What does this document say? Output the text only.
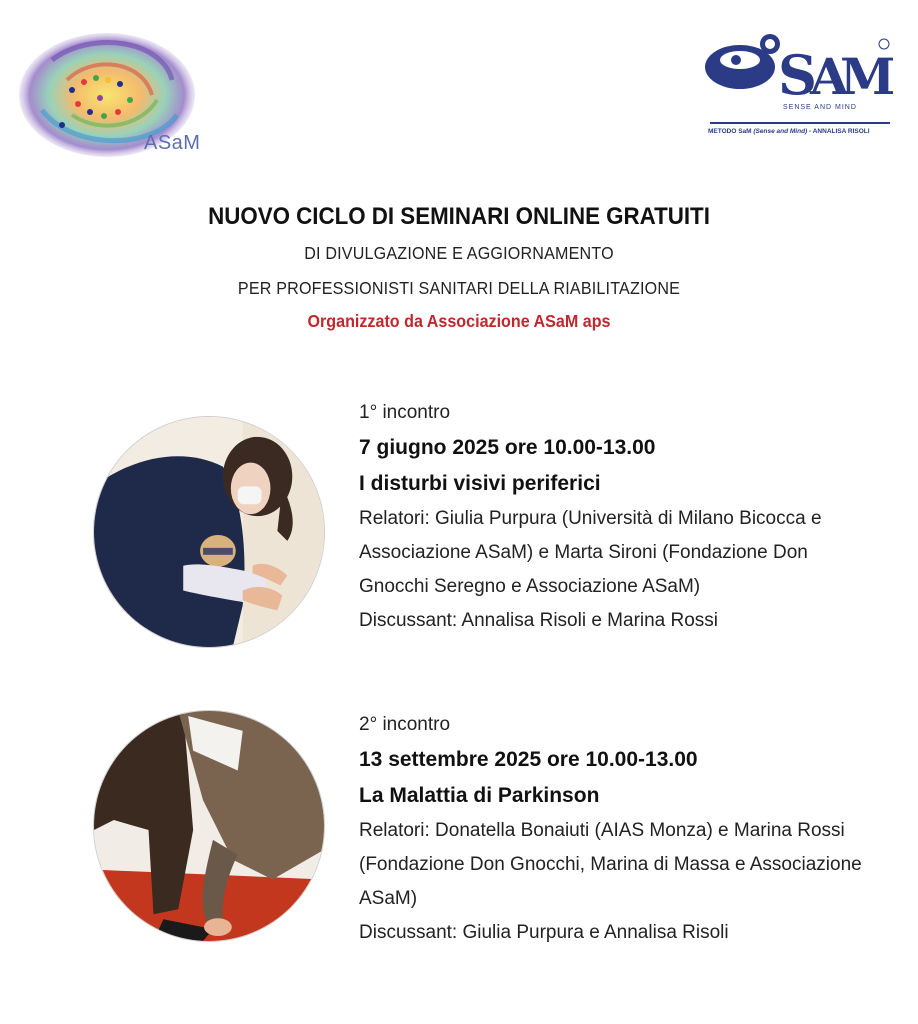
ASaM
S
A
M
SENSE AND MIND
METODO SaM (Sense and Mind) - ANNALISA RISOLI
NUOVO CICLO DI SEMINARI ONLINE GRATUITI
DI DIVULGAZIONE E AGGIORNAMENTO
PER PROFESSIONISTI SANITARI DELLA RIABILITAZIONE
Organizzato da Associazione ASaM aps
1° incontro
7 giugno 2025 ore 10.00-13.00
I disturbi visivi periferici
Relatori: Giulia Purpura (Università di Milano Bicocca e Associazione ASaM) e Marta Sironi (Fondazione Don Gnocchi Seregno e Associazione ASaM)
Discussant: Annalisa Risoli e Marina Rossi
2° incontro
13 settembre 2025 ore 10.00-13.00
La Malattia di Parkinson
Relatori: Donatella Bonaiuti (AIAS Monza) e Marina Rossi (Fondazione Don Gnocchi, Marina di Massa e Associazione ASaM)
Discussant: Giulia Purpura e Annalisa Risoli
